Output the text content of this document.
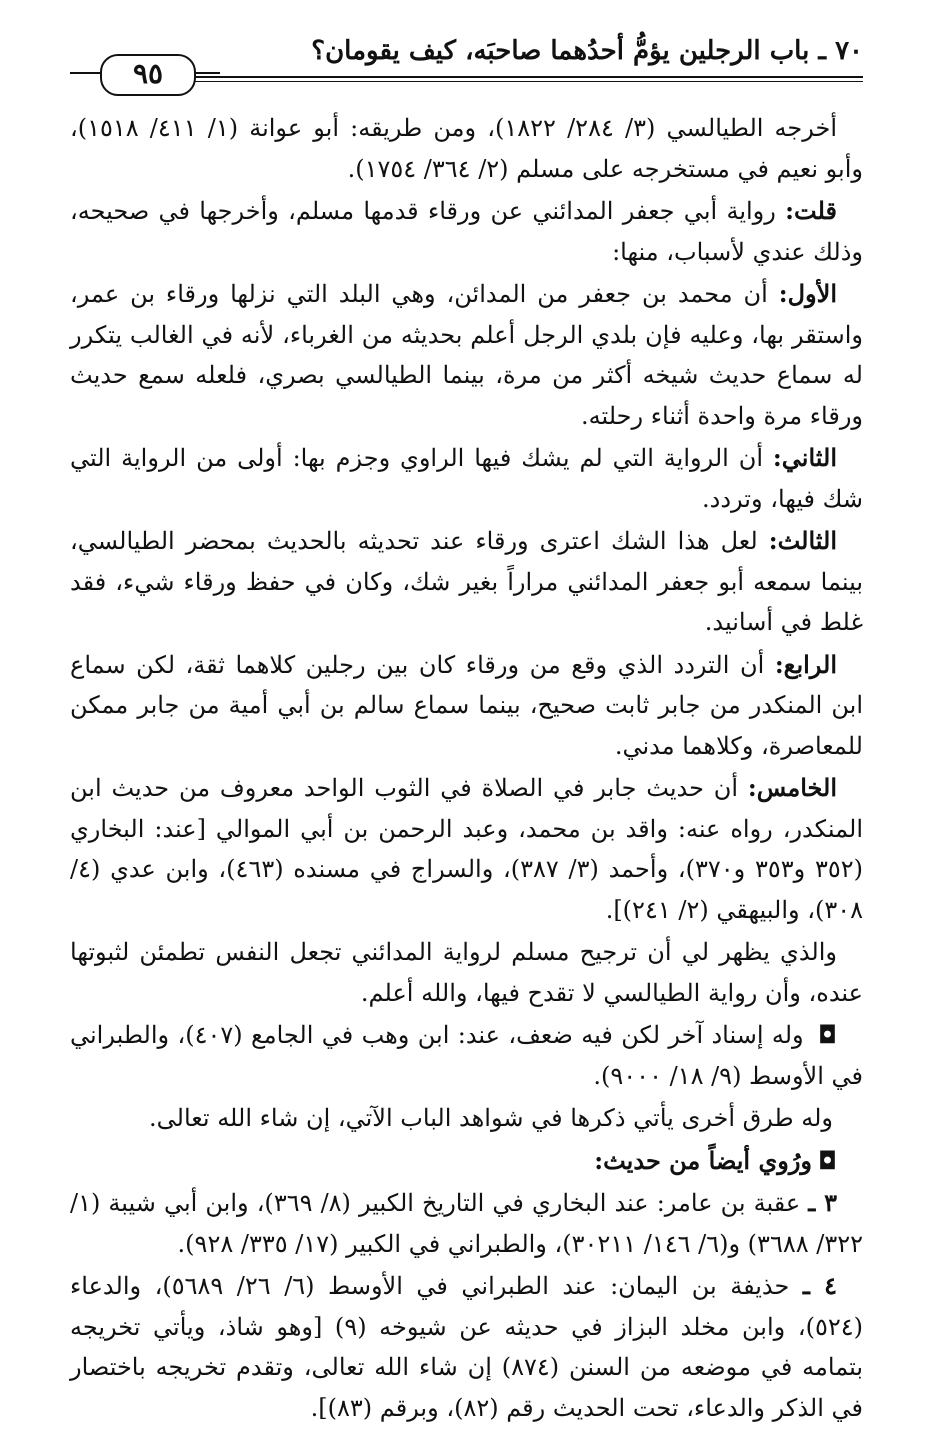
٧٠ ـ باب الرجلين يؤمُّ أحدُهما صاحبَه، كيف يقومان؟
٩٥

أخرجه الطيالسي (٣/ ٢٨٤/ ١٨٢٢)، ومن طريقه: أبو عوانة (١/ ٤١١/ ١٥١٨)، وأبو نعيم في مستخرجه على مسلم (٢/ ٣٦٤/ ١٧٥٤).

قلت: رواية أبي جعفر المدائني عن ورقاء قدمها مسلم، وأخرجها في صحيحه، وذلك عندي لأسباب، منها:

الأول: أن محمد بن جعفر من المدائن، وهي البلد التي نزلها ورقاء بن عمر، واستقر بها، وعليه فإن بلدي الرجل أعلم بحديثه من الغرباء، لأنه في الغالب يتكرر له سماع حديث شيخه أكثر من مرة، بينما الطيالسي بصري، فلعله سمع حديث ورقاء مرة واحدة أثناء رحلته.

الثاني: أن الرواية التي لم يشك فيها الراوي وجزم بها: أولى من الرواية التي شك فيها، وتردد.

الثالث: لعل هذا الشك اعترى ورقاء عند تحديثه بالحديث بمحضر الطيالسي، بينما سمعه أبو جعفر المدائني مراراً بغير شك، وكان في حفظ ورقاء شيء، فقد غلط في أسانيد.

الرابع: أن التردد الذي وقع من ورقاء كان بين رجلين كلاهما ثقة، لكن سماع ابن المنكدر من جابر ثابت صحيح، بينما سماع سالم بن أبي أمية من جابر ممكن للمعاصرة، وكلاهما مدني.

الخامس: أن حديث جابر في الصلاة في الثوب الواحد معروف من حديث ابن المنكدر، رواه عنه: واقد بن محمد، وعبد الرحمن بن أبي الموالي [عند: البخاري (٣٥٢ و٣٥٣ و٣٧٠)، وأحمد (٣/ ٣٨٧)، والسراج في مسنده (٤٦٣)، وابن عدي (٤/ ٣٠٨)، والبيهقي (٢/ ٢٤١)].

والذي يظهر لي أن ترجيح مسلم لرواية المدائني تجعل النفس تطمئن لثبوتها عنده، وأن رواية الطيالسي لا تقدح فيها، والله أعلم.

◘ وله إسناد آخر لكن فيه ضعف، عند: ابن وهب في الجامع (٤٠٧)، والطبراني في الأوسط (٩/ ١٨/ ٩٠٠٠).

وله طرق أخرى يأتي ذكرها في شواهد الباب الآتي، إن شاء الله تعالى.

◘ورُوي أيضاً من حديث:

٣ ـ عقبة بن عامر: عند البخاري في التاريخ الكبير (٨/ ٣٦٩)، وابن أبي شيبة (١/ ٣٢٢/ ٣٦٨٨) و(٦/ ١٤٦/ ٣٠٢١١)، والطبراني في الكبير (١٧/ ٣٣٥/ ٩٢٨).

٤ ـ حذيفة بن اليمان: عند الطبراني في الأوسط (٦/ ٢٦/ ٥٦٨٩)، والدعاء (٥٢٤)، وابن مخلد البزاز في حديثه عن شيوخه (٩) [وهو شاذ، ويأتي تخريجه بتمامه في موضعه من السنن (٨٧٤) إن شاء الله تعالى، وتقدم تخريجه باختصار في الذكر والدعاء، تحت الحديث رقم (٨٢)، وبرقم (٨٣)].
